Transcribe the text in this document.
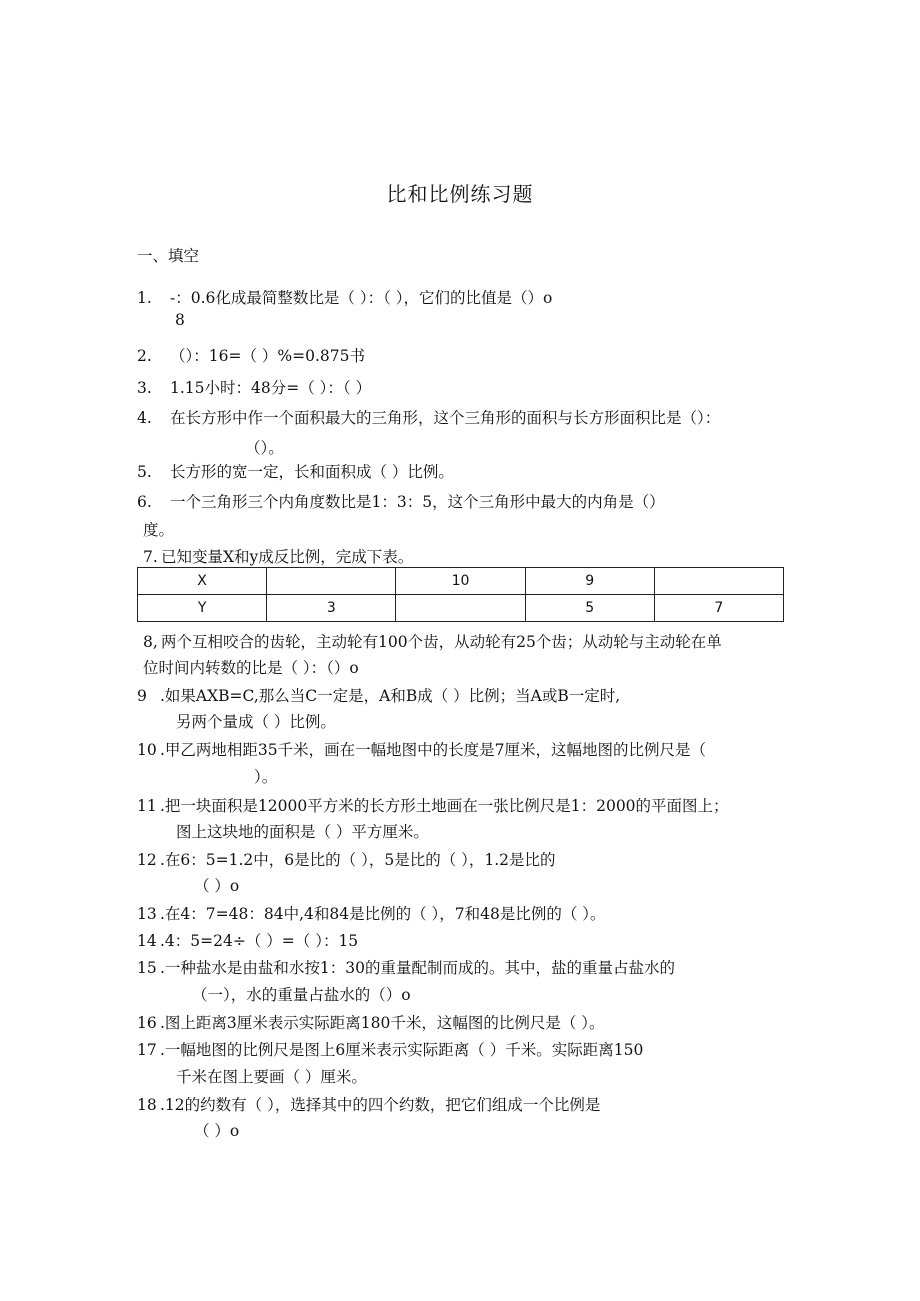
比和比例练习题
一、填空
1. -：0.6化成最简整数比是（ ）：（ ），它们的比值是（）o
8
2. （）：16=（ ）%=0.875书
3. 1.15小时：48分=（ ）：（ ）
4. 在长方形中作一个面积最大的三角形，这个三角形的面积与长方形面积比是（）：
（）。
5. 长方形的宽一定，长和面积成（ ）比例。
6. 一个三角形三个内角度数比是1：3：5，这个三角形中最大的内角是（）
度。
7. 已知变量X和y成反比例，完成下表。
X		10	9	
Y	3		5	7
8, 两个互相咬合的齿轮，主动轮有100个齿，从动轮有25个齿；从动轮与主动轮在单
位时间内转数的比是（ ）：（）o
9 .如果AXB=C,那么当C一定是，A和B成（ ）比例；当A或B一定时,
另两个量成（ ）比例。
10 .甲乙两地相距35千米，画在一幅地图中的长度是7厘米，这幅地图的比例尺是（
）。
11 .把一块面积是12000平方米的长方形土地画在一张比例尺是1：2000的平面图上；
图上这块地的面积是（ ）平方厘米。
12 .在6：5=1.2中，6是比的（ ），5是比的（ ），1.2是比的
（ ）o
13 .在4：7=48：84中,4和84是比例的（ ），7和48是比例的（ ）。
14 .4：5=24÷（ ）=（ ）：15
15 .一种盐水是由盐和水按1：30的重量配制而成的。其中，盐的重量占盐水的
（一），水的重量占盐水的（）o
16 .图上距离3厘米表示实际距离180千米，这幅图的比例尺是（ ）。
17 .一幅地图的比例尺是图上6厘米表示实际距离（ ）千米。实际距离150
千米在图上要画（ ）厘米。
18 .12的约数有（ ），选择其中的四个约数，把它们组成一个比例是
（ ）o
